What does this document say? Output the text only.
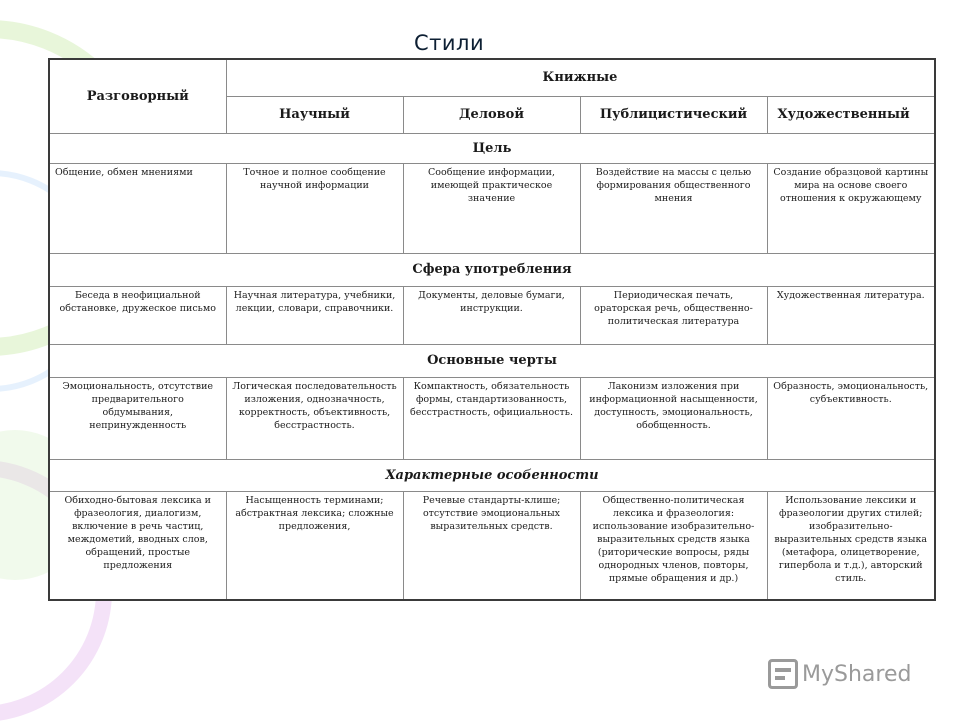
Стили
Разговорный	Книжные			
	Научный	Деловой	Публицистический	Художественный
Цель				
Общение, обмен мнениями	Точное и полное сообщение научной информации	Сообщение информации, имеющей практическое значение	Воздействие на массы с целью формирования общественного мнения	Создание образцовой картины мира на основе своего отношения к окружающему
Сфера употребления				
Беседа в неофициальной обстановке, дружеское письмо	Научная литература, учебники, лекции, словари, справочники.	Документы, деловые бумаги, инструкции.	Периодическая печать, ораторская речь, общественно-политическая литература	Художественная литература.
Основные черты				
Эмоциональность, отсутствие предварительного обдумывания, непринужденность	Логическая последовательность изложения, однозначность, корректность, объективность, бесстрастность.	Компактность, обязательность формы, стандартизованность, бесстрастность, официальность.	Лаконизм изложения при информационной насыщенности, доступность, эмоциональность, обобщенность.	Образность, эмоциональность, субъективность.
Характерные особенности				
Обиходно-бытовая лексика и фразеология, диалогизм, включение в речь частиц, междометий, вводных слов, обращений, простые предложения	Насыщенность терминами; абстрактная лексика; сложные предложения,	Речевые стандарты-клише; отсутствие эмоциональных выразительных средств.	Общественно-политическая лексика и фразеология: использование изобразительно-выразительных средств языка (риторические вопросы, ряды однородных членов, повторы, прямые обращения и др.)	Использование лексики и фразеологии других стилей; изобразительно-выразительных средств языка (метафора, олицетворение, гипербола и т.д.), авторский стиль.
MyShared
